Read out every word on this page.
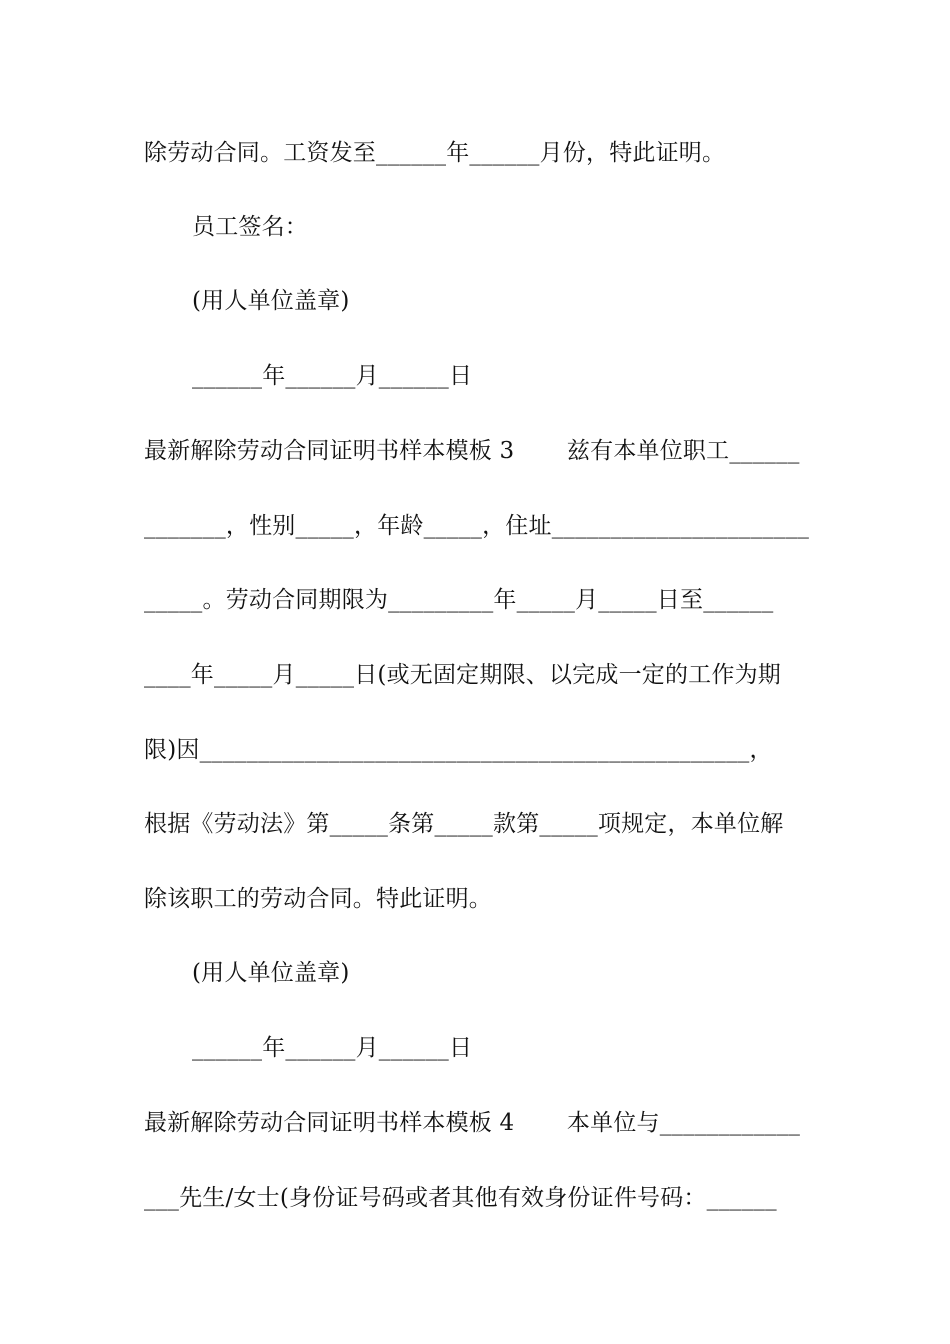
除劳动合同。工资发至______年______月份，特此证明。
员工签名：
(用人单位盖章)
______年______月______日
最新解除劳动合同证明书样本模板 3       兹有本单位职工______
_______，性别_____，年龄_____，住址______________________
_____。劳动合同期限为_________年_____月_____日至______
____年_____月_____日(或无固定期限、以完成一定的工作为期
限)因_______________________________________________，
根据《劳动法》第_____条第_____款第_____项规定，本单位解
除该职工的劳动合同。特此证明。
(用人单位盖章)
______年______月______日
最新解除劳动合同证明书样本模板 4       本单位与____________
___先生/女士(身份证号码或者其他有效身份证件号码：______
